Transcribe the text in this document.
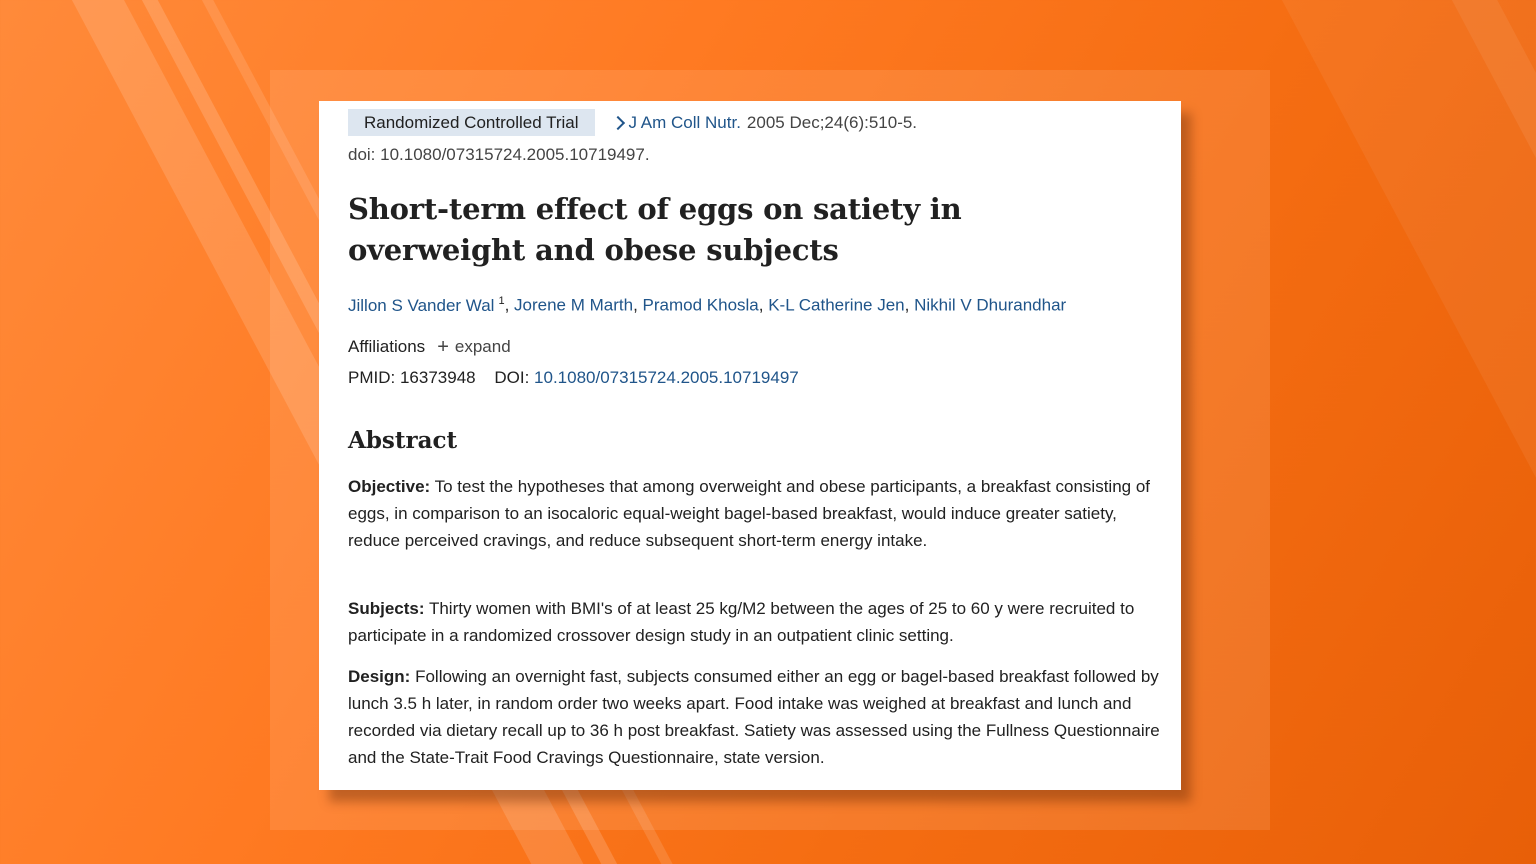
Randomized Controlled Trial	J Am Coll Nutr. 2005 Dec;24(6):510-5.
doi: 10.1080/07315724.2005.10719497.
Short-term effect of eggs on satiety in overweight and obese subjects
Jillon S Vander Wal $^1$, Jorene M Marth, Pramod Khosla, K-L Catherine Jen, Nikhil V Dhurandhar
Affiliations + expand
PMID: 16373948 DOI: 10.1080/07315724.2005.10719497
Abstract

Objective: To test the hypotheses that among overweight and obese participants, a breakfast consisting of eggs, in comparison to an isocaloric equal-weight bagel-based breakfast, would induce greater satiety, reduce perceived cravings, and reduce subsequent short-term energy intake.

Subjects: Thirty women with BMI's of at least 25 kg/M2 between the ages of 25 to 60 y were recruited to participate in a randomized crossover design study in an outpatient clinic setting.

Design: Following an overnight fast, subjects consumed either an egg or bagel-based breakfast followed by lunch 3.5 h later, in random order two weeks apart. Food intake was weighed at breakfast and lunch and recorded via dietary recall up to 36 h post breakfast. Satiety was assessed using the Fullness Questionnaire and the State-Trait Food Cravings Questionnaire, state version.
